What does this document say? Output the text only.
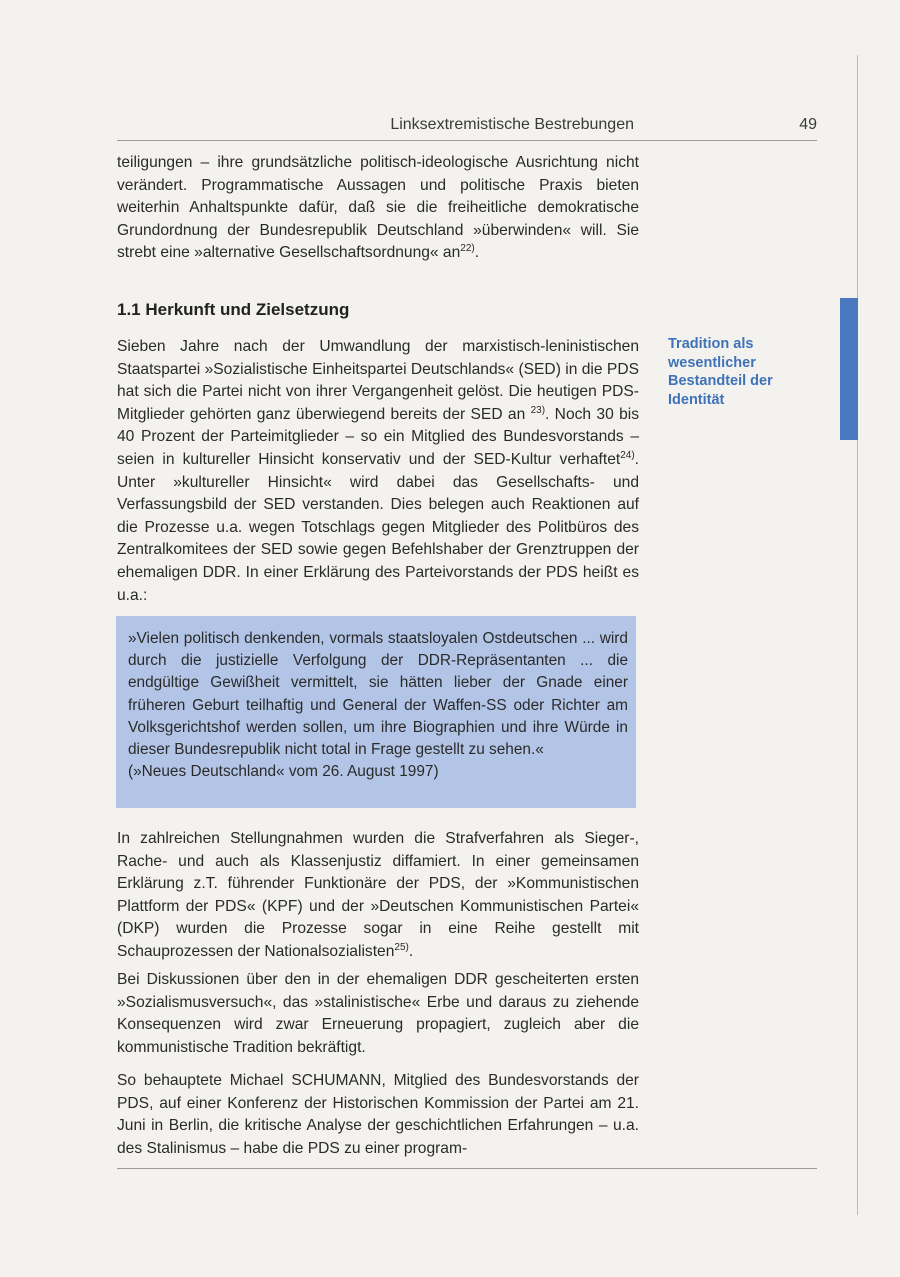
Linksextremistische Bestrebungen	49

teiligungen – ihre grundsätzliche politisch-ideologische Ausrichtung nicht verändert. Programmatische Aussagen und politische Praxis bieten weiterhin Anhaltspunkte dafür, daß sie die freiheitliche demokratische Grundordnung der Bundesrepublik Deutschland »überwinden« will. Sie strebt eine »alternative Gesellschaftsordnung« $an^{22)}$.

1.1 Herkunft und Zielsetzung

Sieben Jahre nach der Umwandlung der marxistisch-leninistischen Staatspartei »Sozialistische Einheitspartei Deutschlands« (SED) in die PDS hat sich die Partei nicht von ihrer Vergangenheit gelöst. Die heutigen PDS-Mitglieder gehörten ganz überwiegend bereits der SED an $^{23)}$. Noch 30 bis 40 Prozent der Parteimitglieder – so ein Mitglied des Bundesvorstands – seien in kultureller Hinsicht konservativ und der SED-Kultur verhaftet$^{24)}$. Unter »kultureller Hinsicht« wird dabei das Gesellschafts- und Verfassungsbild der SED verstanden. Dies belegen auch Reaktionen auf die Prozesse u.a. wegen Totschlags gegen Mitglieder des Politbüros des Zentralkomitees der SED sowie gegen Befehlshaber der Grenztruppen der ehemaligen DDR. In einer Erklärung des Parteivorstands der PDS heißt es u.a.:

Tradition als wesentlicher Bestandteil der Identität

»Vielen politisch denkenden, vormals staatsloyalen Ostdeutschen ... wird durch die justizielle Verfolgung der DDR-Repräsentanten ... die endgültige Gewißheit vermittelt, sie hätten lieber der Gnade einer früheren Geburt teilhaftig und General der Waffen-SS oder Richter am Volksgerichtshof werden sollen, um ihre Biographien und ihre Würde in dieser Bundesrepublik nicht total in Frage gestellt zu sehen.«

(»Neues Deutschland« vom 26. August 1997)

In zahlreichen Stellungnahmen wurden die Strafverfahren als Sieger-, Rache- und auch als Klassenjustiz diffamiert. In einer gemeinsamen Erklärung z.T. führender Funktionäre der PDS, der »Kommunistischen Plattform der PDS« (KPF) und der »Deutschen Kommunistischen Partei« (DKP) wurden die Prozesse sogar in eine Reihe gestellt mit Schauprozessen der Nationalsozialisten$^{25)}$.

Bei Diskussionen über den in der ehemaligen DDR gescheiterten ersten »Sozialismusversuch«, das »stalinistische« Erbe und daraus zu ziehende Konsequenzen wird zwar Erneuerung propagiert, zugleich aber die kommunistische Tradition bekräftigt.

So behauptete Michael SCHUMANN, Mitglied des Bundesvorstands der PDS, auf einer Konferenz der Historischen Kommission der Partei am 21. Juni in Berlin, die kritische Analyse der geschichtlichen Erfahrungen – u.a. des Stalinismus – habe die PDS zu einer program-
